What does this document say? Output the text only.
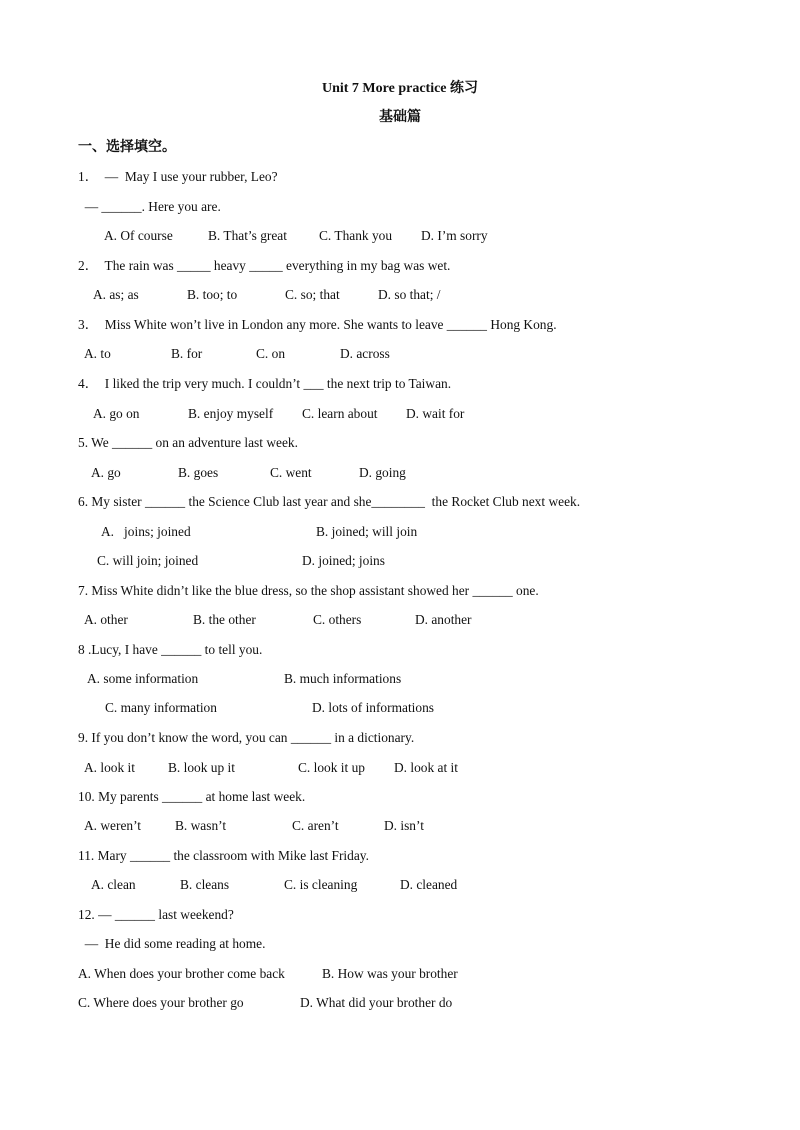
Unit 7 More practice 练习
基础篇
一、选择填空。
1．  —  May I use your rubber, Leo?
— ______. Here you are.

A. Of course

	B. That’s great

C. Thank you

D. I’m sorry

2．  The rain was _____ heavy _____ everything in my bag was wet.

A. as; as

	B. too; to

	C. so; that

	D. so that; /

3．  Miss White won’t live in London any more. She wants to leave ______ Hong Kong.

A. to

	B. for

	C. on

	D. across

4．  I liked the trip very much. I couldn’t ___ the next trip to Taiwan.

A. go on

	B. enjoy myself

C. learn about

D. wait for

5. We ______ on an adventure last week.

A. go

	B. goes

	C. went

	D. going

6. My sister ______ the Science Club last year and she________  the Rocket Club next week.

A.   joins; joined

	B. joined; will join

C. will join; joined

	D. joined; joins

7. Miss White didn’t like the blue dress, so the shop assistant showed her ______ one.

A. other

	B. the other

	C. others

	D. another

8 .Lucy, I have ______ to tell you.

A. some information

	B. much informations

C. many information

	D. lots of informations

9. If you don’t know the word, you can ______ in a dictionary.

A. look it

B. look up it

	C. look it up

D. look at it

10. My parents ______ at home last week.

A. weren’t

	B. wasn’t

	C. aren’t

	D. isn’t

11. Mary ______ the classroom with Mike last Friday.

A. clean

	B. cleans

	C. is cleaning

	D. cleaned

12. — ______ last weekend?
—  He did some reading at home.

A. When does your brother come back

	B. How was your brother

C. Where does your brother go

	D. What did your brother do
